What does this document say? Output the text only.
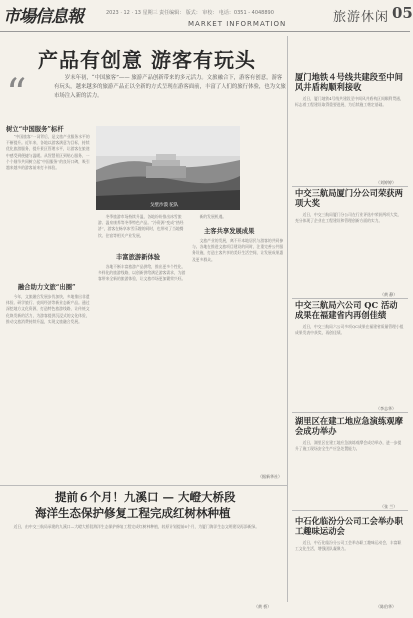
市場信息報	2023 · 12 · 13 星期三 责任编辑： 版式： 审校： 电话：0351 - 4048890
MARKET INFORMATION	旅游休闲 05
产品有创意 游客有玩头
“	岁末年初，“中国旅客”—— 旅游产品创新带来的多元活力。文旅融合下，游客有创意，游客有玩头，越来越多的旅游产品正以全新的方式呈现在游客面前，丰富了人们的旅行体验，也为文旅市场注入新的活力。
树立“中国服务”标杆
“中国旅客”一词背后，是文旅产业服务水平的不断提升。近年来，各地以游客满意为目标，持续优化旅游服务，提升景区管理水平，让游客在旅途中感受到便捷与温暖。从智慧景区到贴心服务，一个个细节共同树立起“中国服务”的良好口碑，吸引越来越多的游客前来打卡体验。
融合助力文旅“出圈”
今年，文旅融合发展步伐加快，多地推出非遗体验、研学旅行、夜间经济等新业态新产品。通过深挖地方文化资源，打造特色旅游线路，让传统文化焕发新的活力，为游客提供沉浸式的文化体验，推动文旅消费持续升温，实现文旅融合发展。
戈壁沙漠 驼队
冬季旅游市场持续升温，各地纷纷推出冰雪旅游、温泉康养等冬季特色产品。“冷资源”变成“热经济”，游客在畅享冰雪乐趣的同时，也带动了当地餐饮、住宿等相关产业发展。
丰富旅游新体验
各地不断丰富旅游产品供给，推出更多个性化、多样化的旅游线路，以创新供给满足游客需求，为游客带来全新的旅游体验，让文旅市场更加繁荣兴旺。
新的发展机遇。
主客共享发展成果
文旅产业的发展，离不开本地居民与游客的共同参与。各地在推进文旅项目建设的同时，注重完善公共服务设施，打造主客共享的美好生活空间，让发展成果惠及更多群众。
（据新华社）
提前６个月！九溪口 — 大嶝大桥段
海洋生态保护修复工程完成红树林种植
近日，由中交三航局承建的九溪口—大嶝大桥段海洋生态保护修复工程完成红树林种植，较原计划提前6个月，为厦门海洋生态文明建设再添新绿。
（黄 桥）
厦门地铁４号线共建段至中间风井盾构顺利接收
近日，厦门地铁4号线共建段至中间风井盾构区间顺利贯通，标志着工程建设取得重要进展，为后续施工奠定基础。
（刘婷婷）
中交三航局厦门分公司荣获两项大奖
近日，中交三航局厦门分公司在行业评选中荣获两项大奖，充分体现了企业在工程建设和管理创新方面的实力。
（黄 静）
中交三航局六公司 QC 活动成果在福建省内再创佳绩
近日，中交三航局六公司多项QC成果在福建省质量管理小组成果发表中获奖，再创佳绩。
（李志华）
湖里区在建工地应急演练观摩会成功举办
近日，湖里区在建工地应急演练观摩会成功举办，进一步提升了施工现场安全生产应急处置能力。
（张 兰）
中石化临汾分公司工会举办职工趣味运动会
近日，中石化临汾分公司工会举办职工趣味运动会，丰富职工文化生活，增强团队凝聚力。
（陈伯华）
